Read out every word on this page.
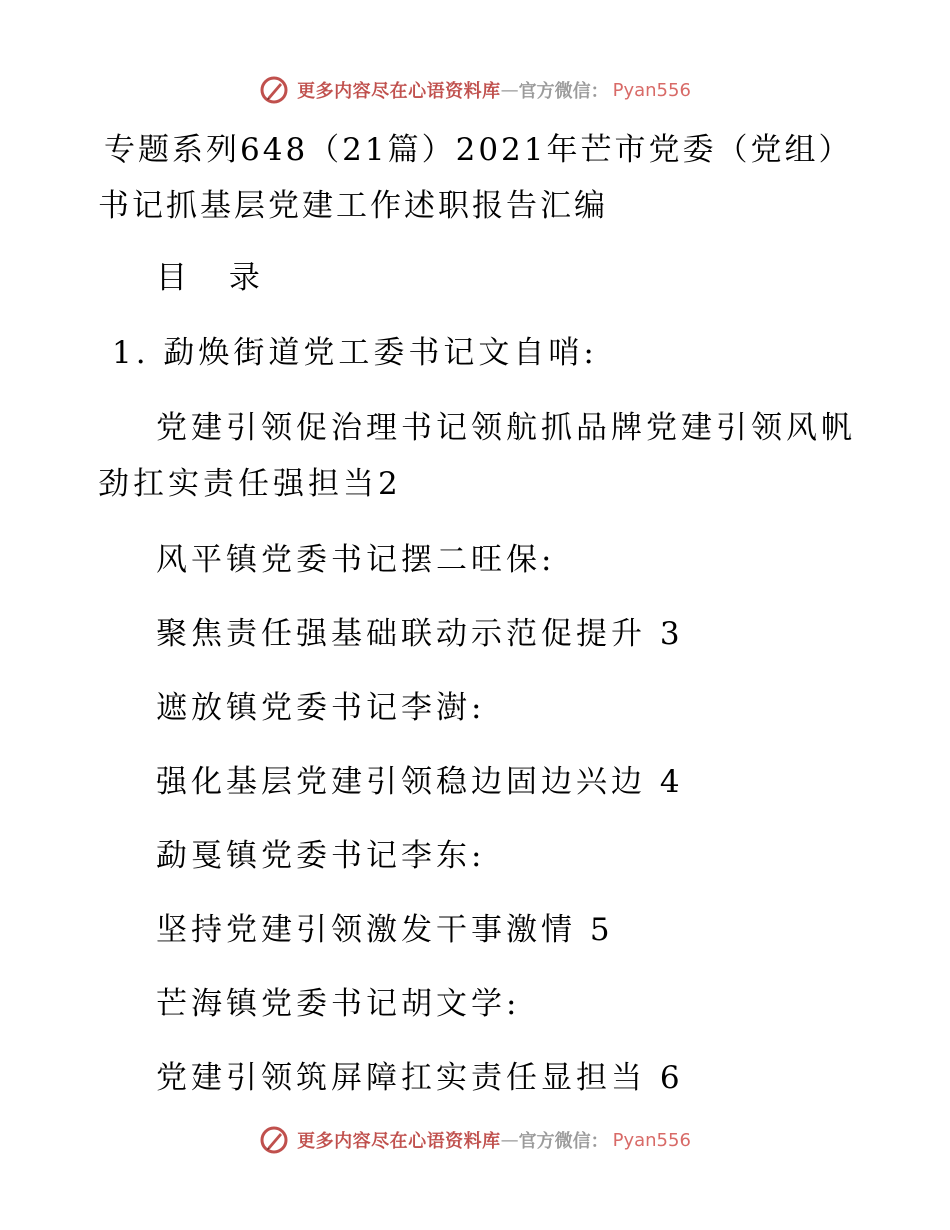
更多内容尽在心语资料库 — 官方微信： Pyan556
专题系列648（21篇）2021年芒市党委（党组）
书记抓基层党建工作述职报告汇编
目 录
1. 勐焕街道党工委书记文自哨:
党建引领促治理书记领航抓品牌党建引领风帆
劲扛实责任强担当2
风平镇党委书记摆二旺保:
聚焦责任强基础联动示范促提升 3
遮放镇党委书记李澍:
强化基层党建引领稳边固边兴边 4
勐戛镇党委书记李东:
坚持党建引领激发干事激情 5
芒海镇党委书记胡文学:
党建引领筑屏障扛实责任显担当 6
更多内容尽在心语资料库 — 官方微信： Pyan556
